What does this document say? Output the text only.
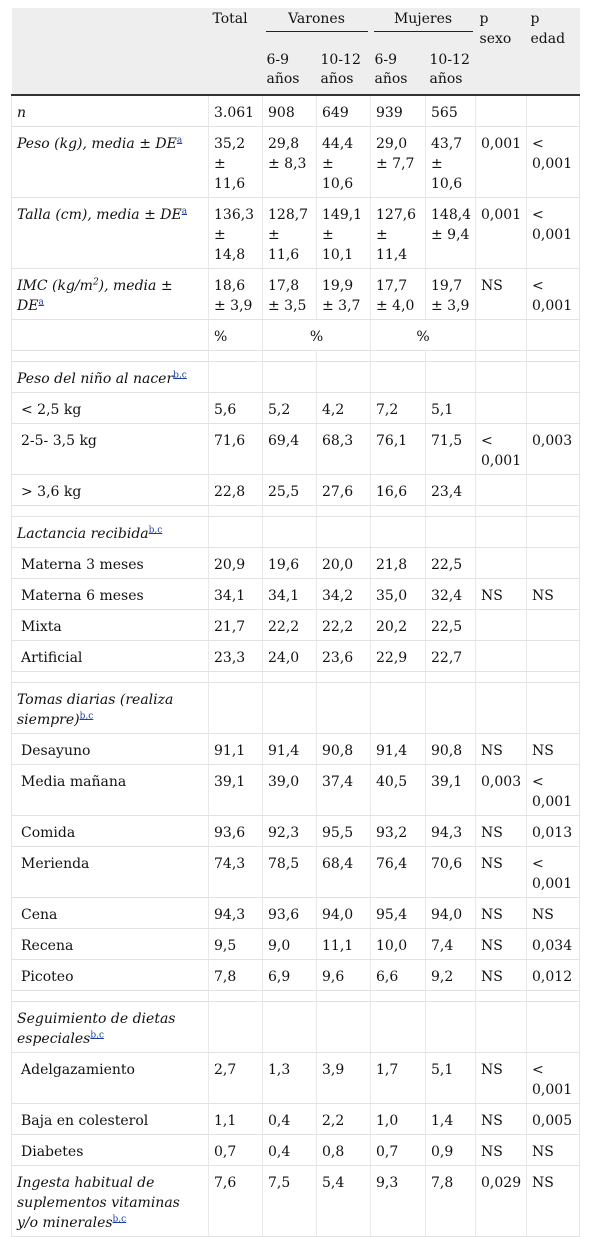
	Total	Varones		Mujeres		p sexo	p edad
		6-9 años	10-12 años	6-9 años	10-12 años		
n	3.061	908	649	939	565		
Peso (kg), media ± $DE^a$	35,2 ± 11,6	29,8 ± 8,3	44,4 ± 10,6	29,0 ± 7,7	43,7 ± 10,6	0,001	< 0,001
Talla (cm), media ± $DE^a$	136,3 ± 14,8	128,7 ± 11,6	149,1 ± 10,1	127,6 ± 11,4	148,4 ± 9,4	0,001	< 0,001
IMC $(kg/m^2)$, media ± $DE^a$	18,6 ± 3,9	17,8 ± 3,5	19,9 ± 3,7	17,7 ± 4,0	19,7 ± 3,9	NS	< 0,001
	%	%		%			

Peso del niño al nacer$^{b,c}$							
< 2,5 kg	5,6	5,2	4,2	7,2	5,1		
2-5- 3,5 kg	71,6	69,4	68,3	76,1	71,5	< 0,001	0,003
> 3,6 kg	22,8	25,5	27,6	16,6	23,4		

Lactancia recibida$^{b,c}$							
Materna 3 meses	20,9	19,6	20,0	21,8	22,5		
Materna 6 meses	34,1	34,1	34,2	35,0	32,4	NS	NS
Mixta	21,7	22,2	22,2	20,2	22,5		
Artificial	23,3	24,0	23,6	22,9	22,7		

Tomas diarias (realiza siempre)$^{b,c}$							
Desayuno	91,1	91,4	90,8	91,4	90,8	NS	NS
Media mañana	39,1	39,0	37,4	40,5	39,1	0,003	< 0,001
Comida	93,6	92,3	95,5	93,2	94,3	NS	0,013
Merienda	74,3	78,5	68,4	76,4	70,6	NS	< 0,001
Cena	94,3	93,6	94,0	95,4	94,0	NS	NS
Recena	9,5	9,0	11,1	10,0	7,4	NS	0,034
Picoteo	7,8	6,9	9,6	6,6	9,2	NS	0,012

Seguimiento de dietas especiales$^{b,c}$							
Adelgazamiento	2,7	1,3	3,9	1,7	5,1	NS	< 0,001
Baja en colesterol	1,1	0,4	2,2	1,0	1,4	NS	0,005
Diabetes	0,7	0,4	0,8	0,7	0,9	NS	NS
Ingesta habitual de suplementos vitaminas y/o minerales$^{b,c}$	7,6	7,5	5,4	9,3	7,8	0,029	NS
